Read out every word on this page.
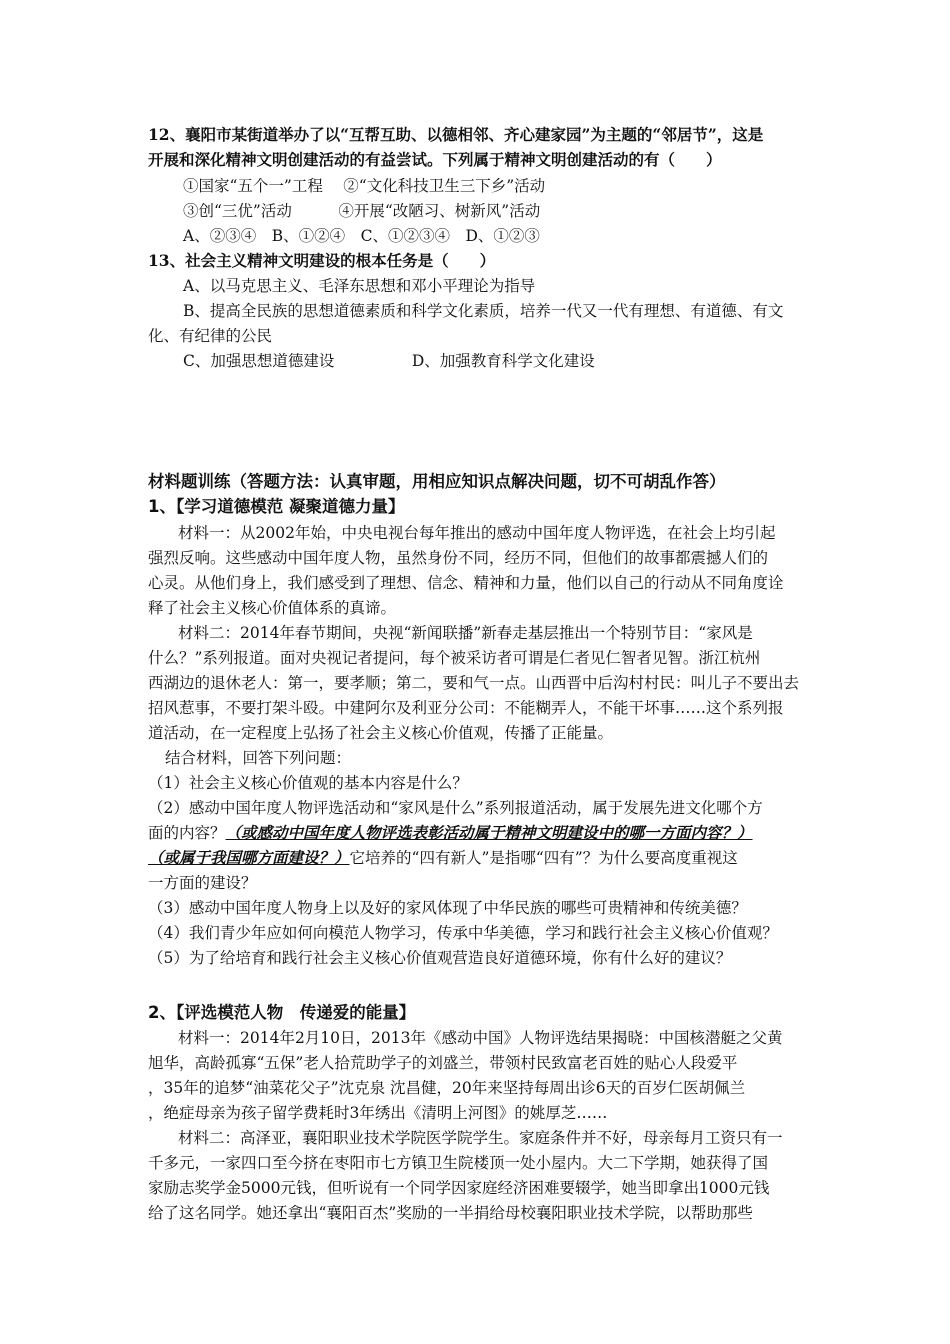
12、襄阳市某街道举办了以“互帮互助、以德相邻、齐心建家园”为主题的“邻居节”，这是
开展和深化精神文明创建活动的有益尝试。下列属于精神文明创建活动的有（　　）
①国家“五个一”工程　 ②“文化科技卫生三下乡”活动
③创“三优”活动　　　④开展“改陋习、树新风”活动
A、②③④　B、①②④　C、①②③④　D、①②③
13、社会主义精神文明建设的根本任务是（　　）
A、以马克思主义、毛泽东思想和邓小平理论为指导
B、提高全民族的思想道德素质和科学文化素质，培养一代又一代有理想、有道德、有文
化、有纪律的公民
C、加强思想道德建设　　　　　D、加强教育科学文化建设
材料题训练（答题方法：认真审题，用相应知识点解决问题，切不可胡乱作答）
1、【学习道德模范 凝聚道德力量】
材料一：从2002年始，中央电视台每年推出的感动中国年度人物评选，在社会上均引起
强烈反响。这些感动中国年度人物，虽然身份不同，经历不同，但他们的故事都震撼人们的
心灵。从他们身上，我们感受到了理想、信念、精神和力量，他们以自己的行动从不同角度诠
释了社会主义核心价值体系的真谛。
材料二：2014年春节期间，央视“新闻联播”新春走基层推出一个特别节目：“家风是
什么？”系列报道。面对央视记者提问，每个被采访者可谓是仁者见仁智者见智。浙江杭州
西湖边的退休老人：第一，要孝顺；第二，要和气一点。山西晋中后沟村村民：叫儿子不要出去
招风惹事，不要打架斗殴。中建阿尔及利亚分公司：不能糊弄人，不能干坏事……这个系列报
道活动，在一定程度上弘扬了社会主义核心价值观，传播了正能量。
结合材料，回答下列问题：
（1）社会主义核心价值观的基本内容是什么？
（2）感动中国年度人物评选活动和“家风是什么”系列报道活动，属于发展先进文化哪个方
面的内容？（或感动中国年度人物评选表彰活动属于精神文明建设中的哪一方面内容？）
（或属于我国哪方面建设？）它培养的“四有新人”是指哪“四有”？为什么要高度重视这
一方面的建设？
（3）感动中国年度人物身上以及好的家风体现了中华民族的哪些可贵精神和传统美德？
（4）我们青少年应如何向模范人物学习，传承中华美德，学习和践行社会主义核心价值观？
（5）为了给培育和践行社会主义核心价值观营造良好道德环境，你有什么好的建议？
2、【评选模范人物　传递爱的能量】
材料一：2014年2月10日，2013年《感动中国》人物评选结果揭晓：中国核潜艇之父黄
旭华，高龄孤寡“五保”老人拾荒助学子的刘盛兰，带领村民致富老百姓的贴心人段爱平
，35年的追梦“油菜花父子”沈克泉 沈昌健，20年来坚持每周出诊6天的百岁仁医胡佩兰
，绝症母亲为孩子留学费耗时3年绣出《清明上河图》的姚厚芝……
材料二：高泽亚，襄阳职业技术学院医学院学生。家庭条件并不好，母亲每月工资只有一
千多元，一家四口至今挤在枣阳市七方镇卫生院楼顶一处小屋内。大二下学期，她获得了国
家励志奖学金5000元钱，但听说有一个同学因家庭经济困难要辍学，她当即拿出1000元钱
给了这名同学。她还拿出“襄阳百杰”奖励的一半捐给母校襄阳职业技术学院，以帮助那些
